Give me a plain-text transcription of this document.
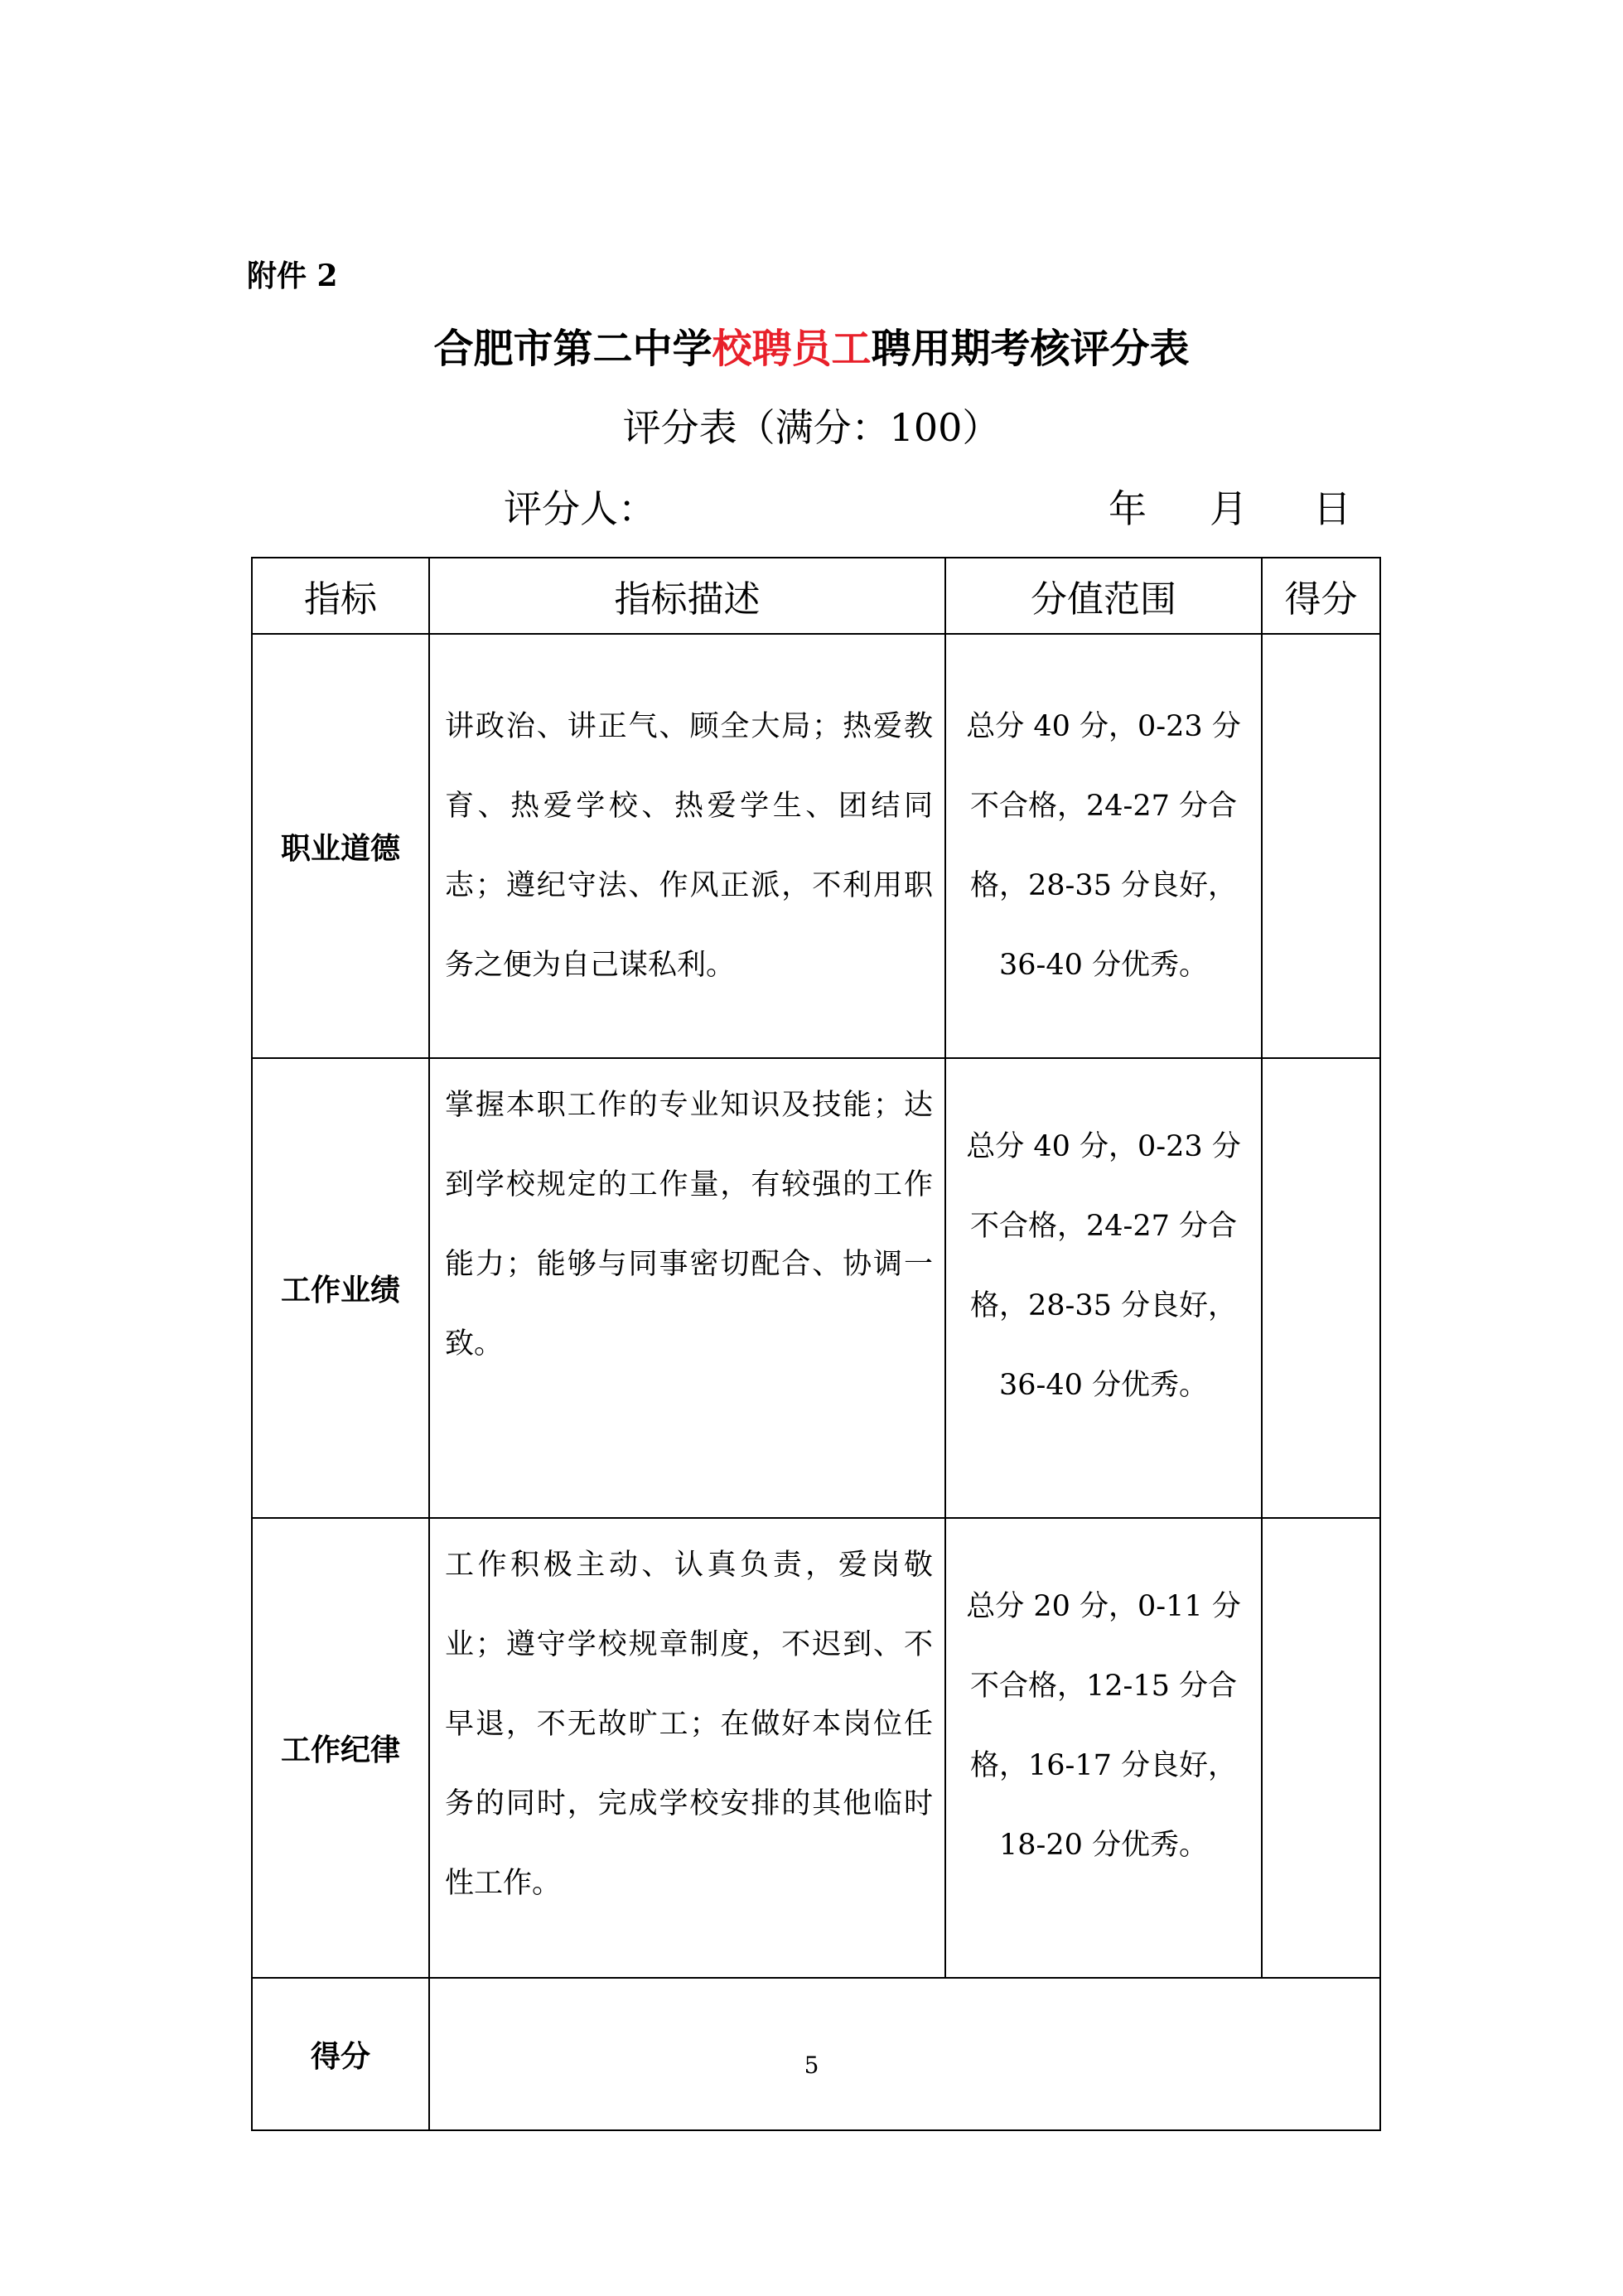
附件 2
合肥市第二中学校聘员工聘用期考核评分表
评分表（满分：100）
评分人：	年	月	日
指标	指标描述	分值范围	得分
职业道德	讲政治、讲正气、顾全大局；热爱教育、热爱学校、热爱学生、团结同志；遵纪守法、作风正派，不利用职务之便为自己谋私利。	总分 40 分，0-23 分不合格，24-27 分合格，28-35 分良好，36-40 分优秀。	
工作业绩	掌握本职工作的专业知识及技能；达到学校规定的工作量，有较强的工作能力；能够与同事密切配合、协调一致。	总分 40 分，0-23 分不合格，24-27 分合格，28-35 分良好，36-40 分优秀。	
工作纪律	工作积极主动、认真负责，爱岗敬业；遵守学校规章制度，不迟到、不早退，不无故旷工；在做好本岗位任务的同时，完成学校安排的其他临时性工作。	总分 20 分，0-11 分不合格，12-15 分合格，16-17 分良好，18-20 分优秀。	
得分				5
